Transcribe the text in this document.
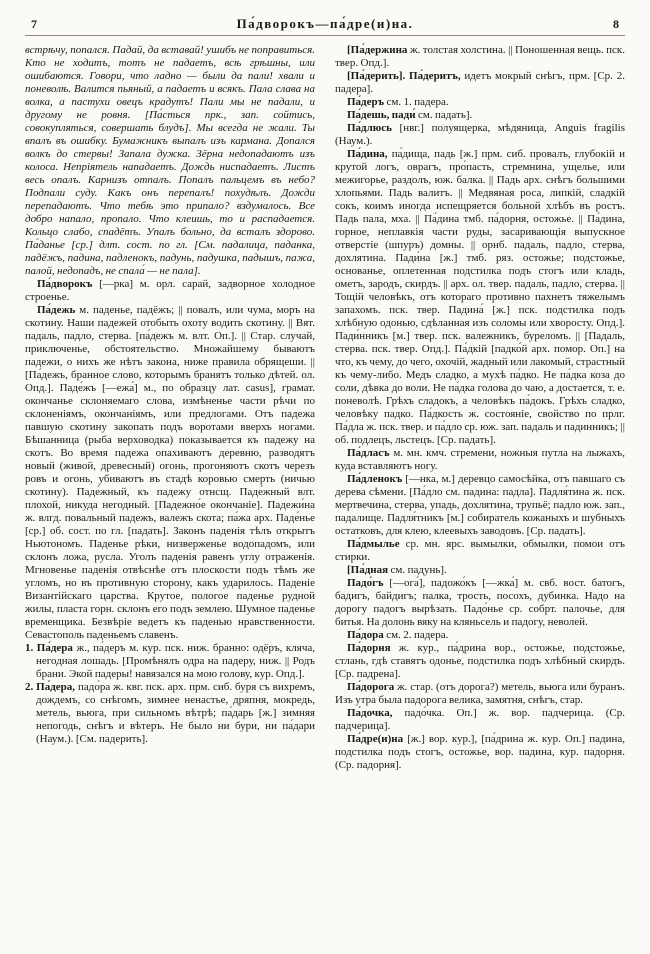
7	Па́дворокъ—па́дре(и)на.	8

встрѣчу, попался. Падай, да вставай! ушибъ не поправиться. Кто не ходитъ, тотъ не падаетъ, всѣ грѣшны, или ошибаются. Говори, что ладно — были да пали! хвали и поневолѣ. Валится пьяный, а падаетъ и всякъ. Пала слава на волка, а пастухи овецъ крадутъ! Пали мы не падали, и другому не ровня. [Па́сться прк., зап. сойтись, совокупляться, совершать блудъ]. Мы всегда не жали. Ты впалъ въ ошибку. Бумажникъ выпалъ изъ кармана. Допался волкъ до стервы! Запала дужка. Зёрна недопадаютъ изъ колоса. Непріятель нападаетъ. Дождь ниспадаетъ. Листъ весь опалъ. Карнизъ отпалъ. Попалъ пальцемъ въ небо? Подпали суду. Какъ онъ перепалъ! похудѣлъ. Дожди перепадаютъ. Что тебѣ это припало? вздумалось. Все добро напало, пропало. Что клеишь, то и распадается. Кольцо слабо, спадётъ. Упалъ больно, да всталъ здорово. Па́данье [ср.] длт. сост. по гл. [См. падалица, паданка, падёжъ, падина, падленокъ, падунь, падушка, падышъ, пажа, палой, недопадъ, не спала́ — не пала].

Па́дворокъ [—рка] м. орл. сарай, задворное холодное строенье.

Па́дежь м. паденье, падёжъ; || повалъ, или чума, моръ на скотину. Наши падежей отобыть охоту водить скотину. || Вят. падаль, падло, стерва. [па́дежъ м. влт. Оп.]. || Стар. случай, приключенье, обстоятельство. Множайшему бываютъ падежи, о нихъ же нѣтъ закона, ниже правила обрящеши. || [Па́дежъ, бранное слово, которымъ бранятъ только дѣтей. ол. Опд.]. Паде́жъ [—ежа́] м., по образцу лат. casus], грамат. окончанье склоняемаго слова, измѣненье части рѣчи по склоненіямъ, окончаніямъ, или предлогами. Отъ падежа павшую скотину закопать подъ воротами вверхъ ногами. Бѣшанница (рыба верховодка) показывается къ падежу на скотъ. Во время падежа опахиваютъ деревню, разводятъ новый (живой, древесный) огонь, прогоняютъ скотъ черезъ ровъ и огонь, убиваютъ въ стадѣ коровью смерть (ничью скотину). Паде́жный, къ падежу отнсщ. Паде́жный влт. плохой, никуда негодный. [Падежно́е окончаніе]. Падежи́на ж. влгд. повальный падежъ, валежъ скота; па́жа арх. Паде́нье [ср.] об. сост. по гл. [падать]. Законъ паденія тѣлъ открытъ Ньютономъ. Паденье рѣки, низверженье водопадомъ, или склонъ ложа, русла. Уголъ паденія равенъ углу отраженія. Мгновенье паденія отвѣснѣе отъ плоскости подъ тѣмъ же угломъ, но въ противную сторону, какъ ударилось. Паденіе Византійскаго царства. Крутое, пологое паденье рудной жилы, пласта горн. склонъ его подъ землею. Шумное паденье временщика. Безвѣріе ведетъ къ паденью нравственности. Севастополь паденьемъ славенъ.

1. Па́дера ж., па́деръ м. кур. пск. ниж. бранно: одёръ, кляча, негодная лошадь. [Промѣнялъ одра на падеру, ниж. || Родъ брани. Экой падеры! навязался на мою голову, кур. Опд.].

2. Па́дера, падо́ра ж. квг. пск. арх. прм. сиб. буря съ вихремъ, дождемъ, со снѣгомъ, зимнее ненастье, дряпня, мокредь, метель, вьюга, при сильномъ вѣтрѣ; па́дарь [ж.] зимняя непогодь, снѣгъ и вѣтеръ. Не было ни бури, ни па́дари (Наум.). [См. падерить].

[Па́держина ж. толстая холстина. || Поношенная вещь. пск. твер. Опд.].

[Па́дерить]. Па́деритъ, идетъ мокрый снѣгъ, прм. [Ср. 2. падера].

Па́деръ см. 1. падера.

Па́дешь, пади́ см. падать].

Па́длюсь [нвг.] полуящерка, мѣдяница, Anguis fragilis (Наум.).

Па́дина, па́дища, падь [ж.] прм. сиб. провалъ, глубокій и крутой логъ, оврагъ, про́пасть, стремнина, ущелье, или межигорье, раздолъ, юж. балка. || Падь арх. снѣгъ большими хлопьями. Падь валитъ. || Медвяная роса, липкій, сладкій сокъ, коимъ иногда испещряется больной хлѣбъ въ ростъ. Падь пала, мха. || Па́дина тмб. па́дорня, остожье. || Па́дина, горное, неплавкія части руды, засаривающія выпускное отверстіе (шпуръ) домны. || орнб. падаль, падло, стерва, дохлятина. Пади́на [ж.] тмб. ряз. остожье; подстожье, основанье, оплетенная подстилка подъ стогъ или кладь, ометъ, зародъ, скирдъ. || арх. ол. твер. падаль, падло, стерва. || Тощій человѣкъ, отъ котораго противно пахнетъ тяжелымъ запахомъ. пск. твер. Падина́ [ж.] пск. подстилка подъ хлѣбную одонью, сдѣланная изъ соломы или хворосту. Опд.]. Пади́нникъ [м.] твер. пск. валежникъ, буреломъ. || [Падаль, стерва. пск. твер. Опд.]. Па́дкій [падко́й арх. помор. Оп.] на что, къ чему, до чего, охочій, жадный или лакомый, страстный къ чему-либо. Медъ сладко, а мухѣ па́дко. Не па́дка коза до соли, дѣвка до воли. Не па́дка голова до чаю, а достается, т. е. поневолѣ. Грѣхъ сладокъ, а человѣкъ па́докъ. Грѣхъ сладко, человѣку падко. Па́дкость ж. состояніе, свойство по прлг. Па́дла ж. пск. твер. и па́дло ср. юж. зап. падаль и падинникъ; || об. подлецъ, льстецъ. [Ср. падать].

Па́дласъ м. мн. кмч. стремени, ножныя путла на лыжахъ, куда вставляютъ ногу.

Па́дленокъ [—нка, м.] деревцо самосѣйка, отъ павшаго съ дерева сѣмени. [Па́дло см. падина: падла]. Падля́тина ж. пск. мертвечина, стерва, упадь, дохлятина, трупьё; падло юж. зап., падалище. Падля́тникъ [м.] собиратель кожаныхъ и шубныхъ остатковъ, для клею, клеевыхъ заводовъ. [Ср. падать].

Па́дмылье ср. мн. ярс. вымылки, обмылки, помои отъ стирки.

[Па́дная см. падунь].

Падо́гъ [—ога́], падожо́къ [—жка́] м. свб. вост. батогъ, бадигъ, байдигъ; палка, трость, посохъ, дубинка. Надо на дорогу падогъ вырѣзать. Падо́нье ср. собрт. палочье, для битья. На долонь вяку на кляньсель и падогу, неволей.

Па́дора см. 2. падера.

Па́дорня ж. кур., па́дрина вор., остожье, подстожье, стлань, гдѣ ставятъ одонье, подстилка подъ хлѣбный скирдъ. [Ср. падрена].

Па́дорога ж. стар. (отъ дорога?) метель, вьюга или буранъ. Изъ утра была падорога велика, замятня, снѣгъ, стар.

Па́дочка, падо́чка. Оп.] ж. вор. падчерица. (Ср. падчерица].

Па́дре(и)на [ж.] вор. кур.], [па́дрина ж. кур. Оп.] падина, подстилка подъ стогъ, остожье, вор. падина, кур. падорня. (Ср. падорня].
